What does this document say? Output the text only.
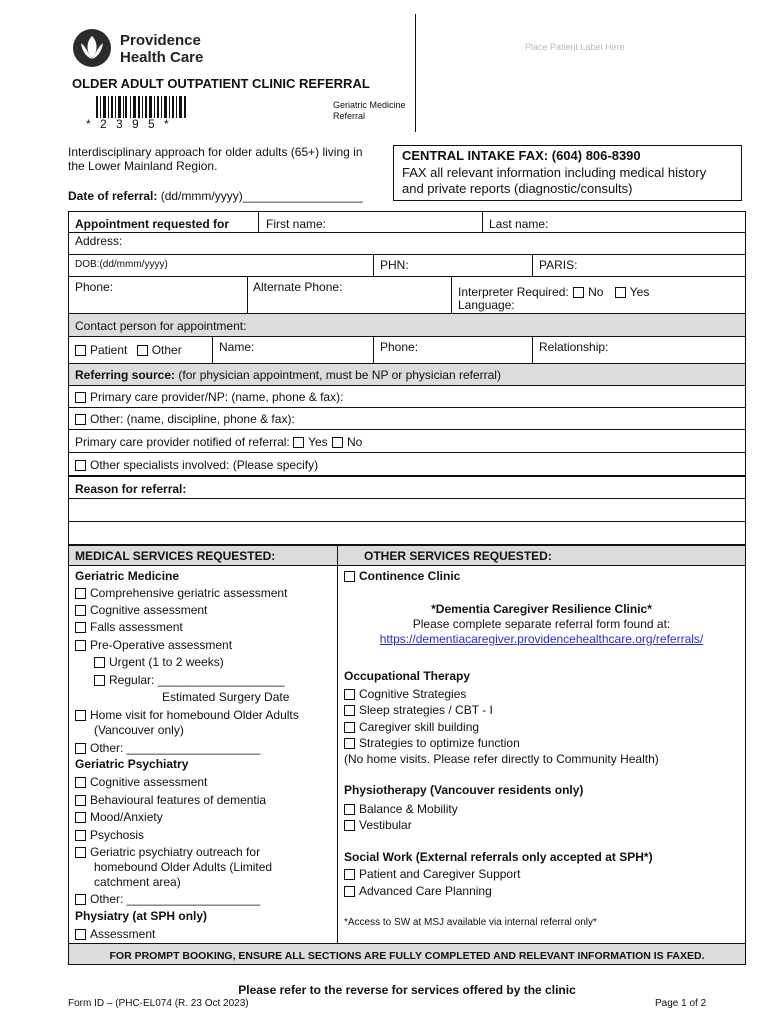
Providence
Health Care
OLDER ADULT OUTPATIENT CLINIC REFERRAL
* 2 3 9 5 *
Geriatric Medicine
Referral
Place Patient Label Here
Interdisciplinary approach for older adults (65+) living in
the Lower Mainland Region.
Date of referral: (dd/mmm/yyyy)__________________
CENTRAL INTAKE FAX: (604) 806-8390
FAX all relevant information including medical history
and private reports (diagnostic/consults)
Appointment requested for	First name:	Last name:
Address:
DOB:(dd/mmm/yyyy)	PHN:	PARIS:
Phone:	Alternate Phone:	Interpreter Required: No Yes
Language:
Contact person for appointment:
Patient Other	Name:	Phone:	Relationship:
Referring source: (for physician appointment, must be NP or physician referral)
Primary care provider/NP: (name, phone & fax):
Other: (name, discipline, phone & fax):
Primary care provider notified of referral: Yes No
Other specialists involved: (Please specify)
Reason for referral:
MEDICAL SERVICES REQUESTED:	OTHER SERVICES REQUESTED:
Geriatric Medicine
Comprehensive geriatric assessment
Cognitive assessment
Falls assessment
Pre-Operative assessment
Urgent (1 to 2 weeks)
Regular: ___________________
Estimated Surgery Date
Home visit for homebound Older Adults
(Vancouver only)
Other: ____________________
Geriatric Psychiatry
Cognitive assessment
Behavioural features of dementia
Mood/Anxiety
Psychosis
Geriatric psychiatry outreach for
homebound Older Adults (Limited
catchment area)
Other: ____________________
Physiatry (at SPH only)
Assessment
Continence Clinic
*Dementia Caregiver Resilience Clinic*
Please complete separate referral form found at:
https://dementiacaregiver.providencehealthcare.org/referrals/
Occupational Therapy
Cognitive Strategies
Sleep strategies / CBT - I
Caregiver skill building
Strategies to optimize function
(No home visits. Please refer directly to Community Health)
Physiotherapy (Vancouver residents only)
Balance & Mobility
Vestibular
Social Work (External referrals only accepted at SPH*)
Patient and Caregiver Support
Advanced Care Planning
*Access to SW at MSJ available via internal referral only*
FOR PROMPT BOOKING, ENSURE ALL SECTIONS ARE FULLY COMPLETED AND RELEVANT INFORMATION IS FAXED.
Please refer to the reverse for services offered by the clinic
Form ID – (PHC-EL074 (R. 23 Oct 2023)	Page 1 of 2
